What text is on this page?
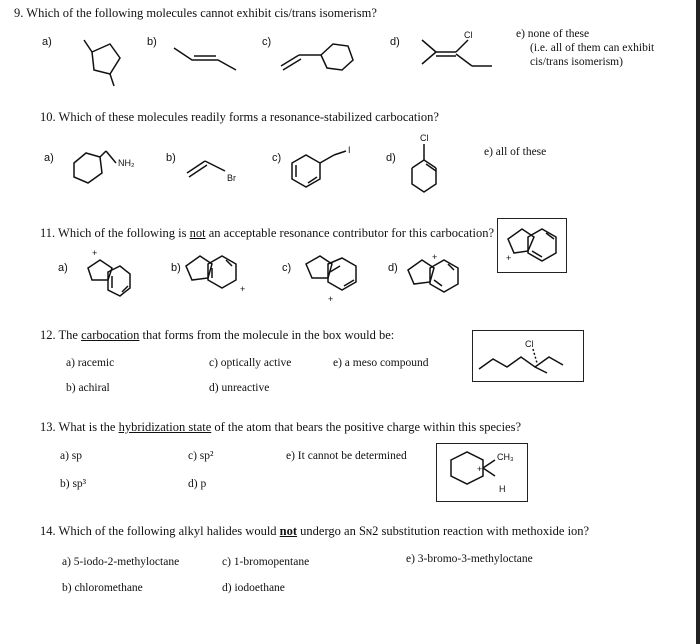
9. Which of the following molecules cannot exhibit cis/trans isomerism?
a)	b)	c)	d)
Cl	e) none of these
(i.e. all of them can exhibit
cis/trans isomerism)
10. Which of these molecules readily forms a resonance-stabilized carbocation?
a)	NH₂	b)
Br
c)
I
d)
Cl
e) all of these
11. Which of the following is not an acceptable resonance contributor for this carbocation?
+
a)
+
b)
+
c)
+
d)
+
12. The carbocation that forms from the molecule in the box would be:
Cl
a) racemic
b) achiral
c) optically active
d) unreactive
e) a meso compound
13. What is the hybridization state of the atom that bears the positive charge within this species?
CH₃
H
+
a) sp
b) sp³
c) sp²
d) p
e) It cannot be determined
14. Which of the following alkyl halides would not undergo an Sɴ2 substitution reaction with methoxide ion?
a) 5-iodo-2-methyloctane
b) chloromethane
c) 1-bromopentane
d) iodoethane
e) 3-bromo-3-methyloctane
